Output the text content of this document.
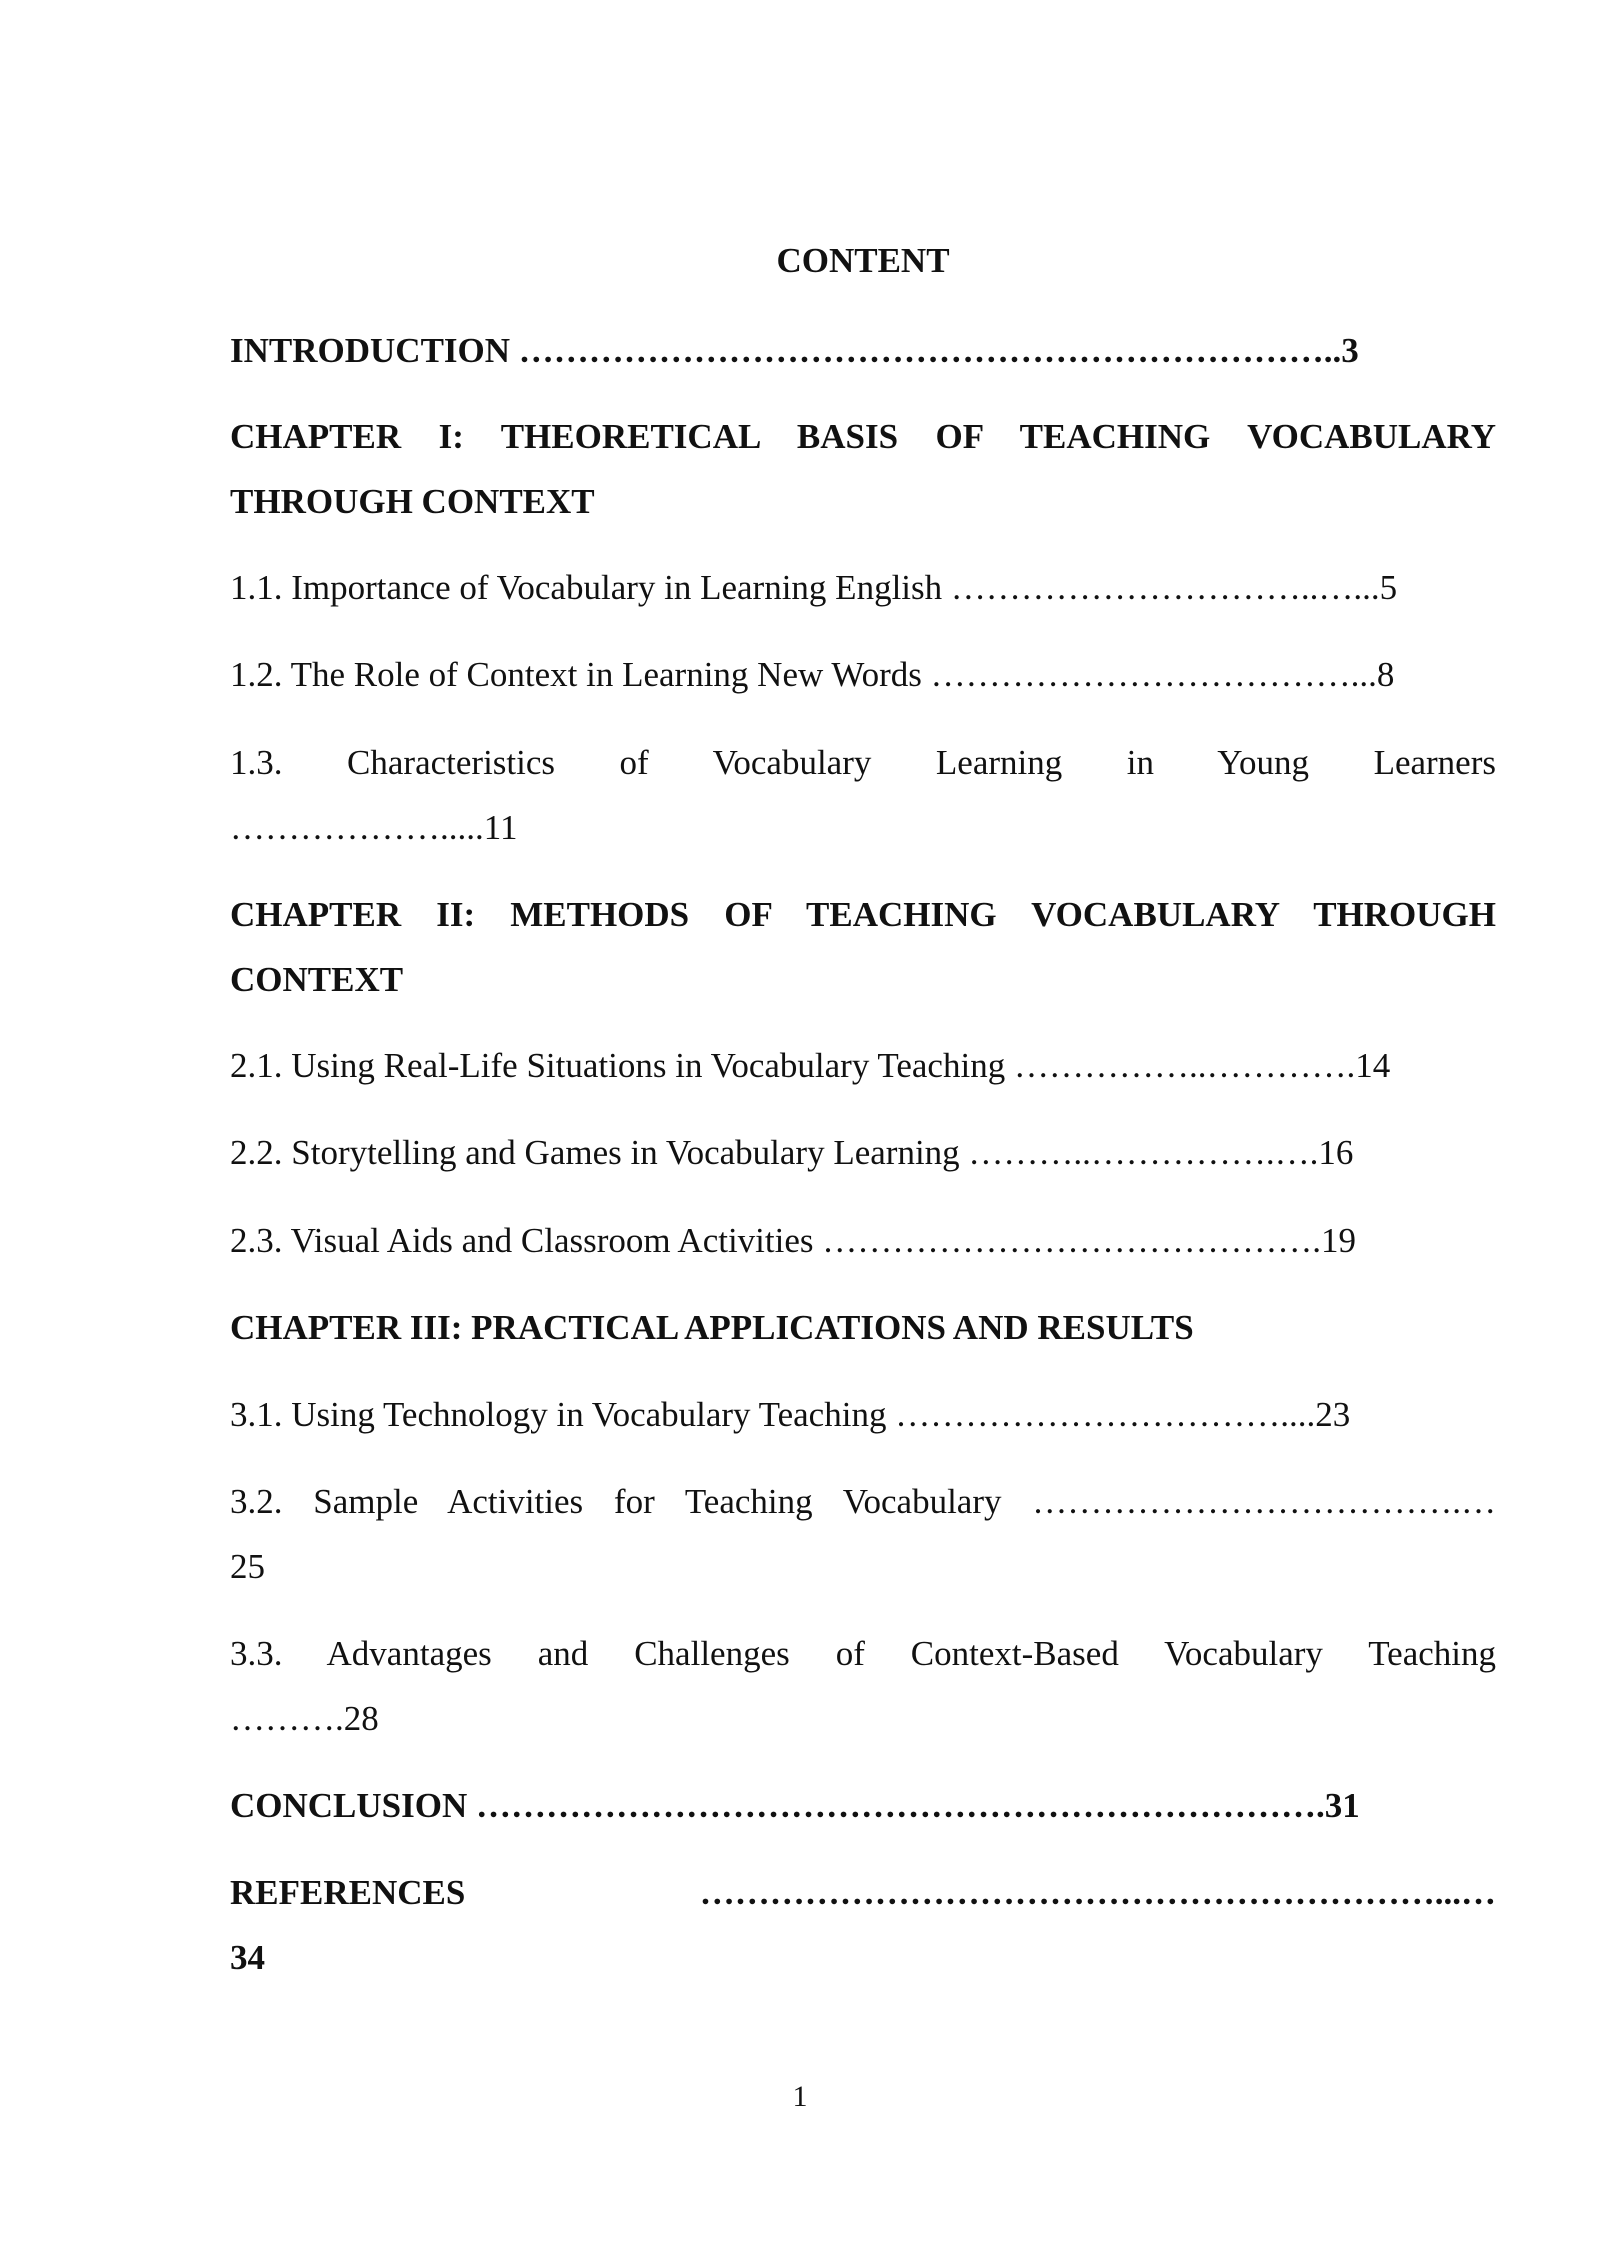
CONTENT
INTRODUCTION ……………………………………………………………..3
CHAPTER I: THEORETICAL BASIS OF TEACHING VOCABULARY
THROUGH CONTEXT
1.1. Importance of Vocabulary in Learning English …………………………..…...5
1.2. The Role of Context in Learning New Words ………………………………...8
1.3. Characteristics of Vocabulary Learning in Young Learners
……………….....11
CHAPTER II: METHODS OF TEACHING VOCABULARY THROUGH
CONTEXT
2.1. Using Real-Life Situations in Vocabulary Teaching ……………..………….14
2.2. Storytelling and Games in Vocabulary Learning ………..…………….….16
2.3. Visual Aids and Classroom Activities …………………………………….19
CHAPTER III: PRACTICAL APPLICATIONS AND RESULTS
3.1. Using Technology in Vocabulary Teaching ……………………………....23
3.2. Sample Activities for Teaching Vocabulary ……………………………….…
25
3.3. Advantages and Challenges of Context-Based Vocabulary Teaching
……….28
CONCLUSION ……………………………………………………………….31
REFERENCES ………………………………………………………...…
34
1
